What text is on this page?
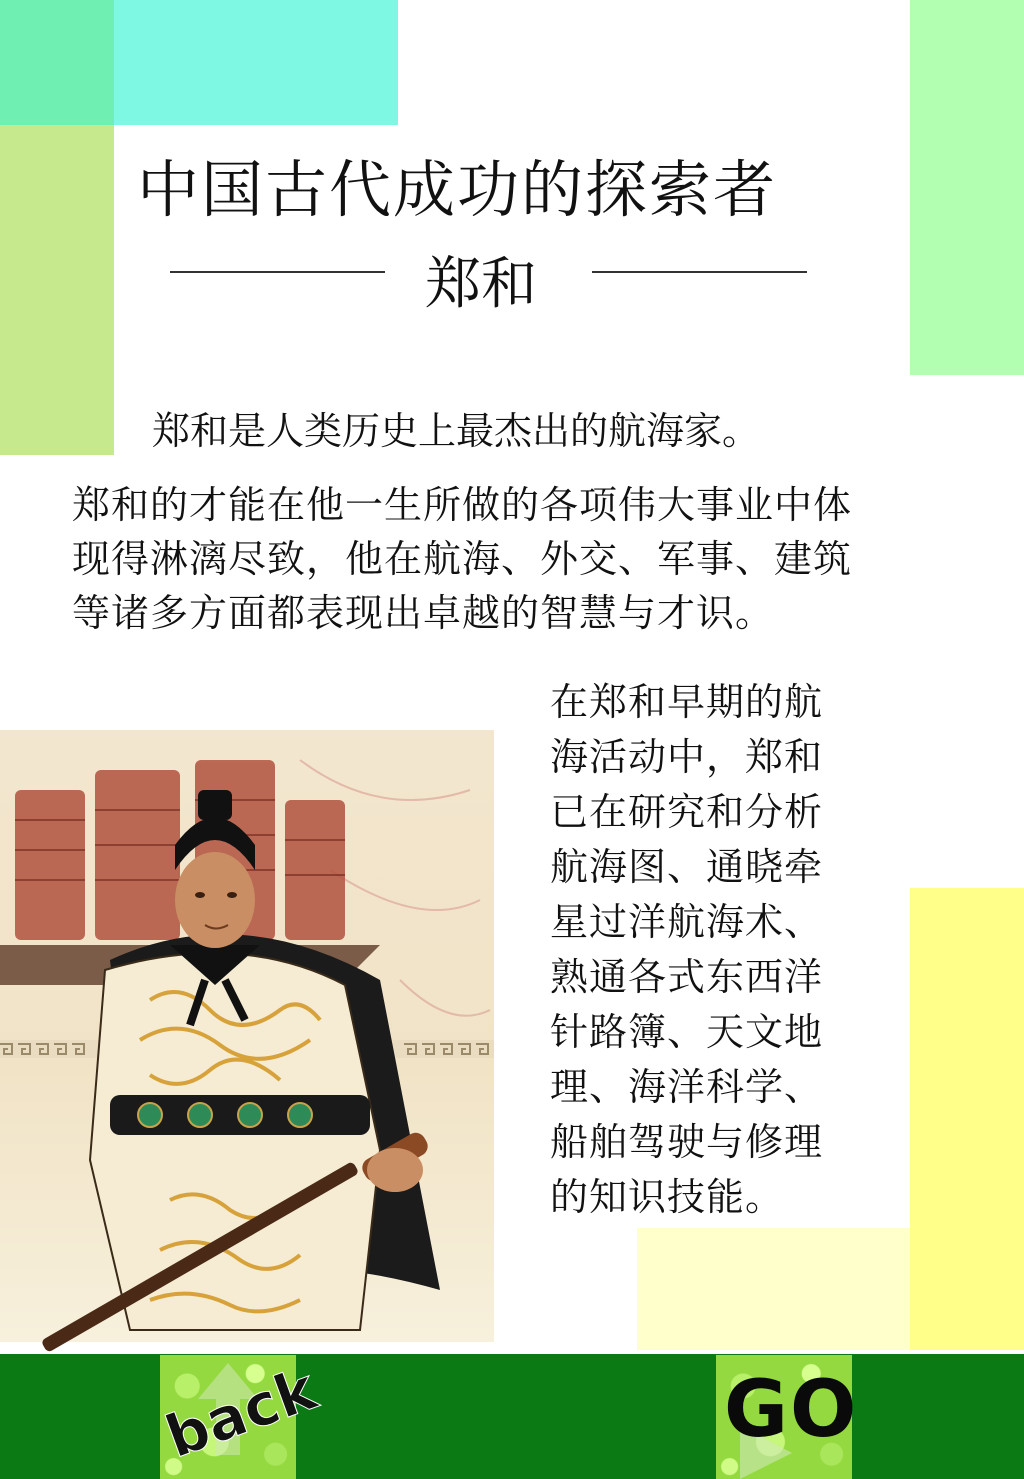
中国古代成功的探索者
郑和
郑和是人类历史上最杰出的航海家。
郑和的才能在他一生所做的各项伟大事业中体
现得淋漓尽致，他在航海、外交、军事、建筑
等诸多方面都表现出卓越的智慧与才识。
在郑和早期的航
海活动中，郑和
已在研究和分析
航海图、通晓牵
星过洋航海术、
熟通各式东西洋
针路簿、天文地
理、海洋科学、
船舶驾驶与修理
的知识技能。
back	GO
